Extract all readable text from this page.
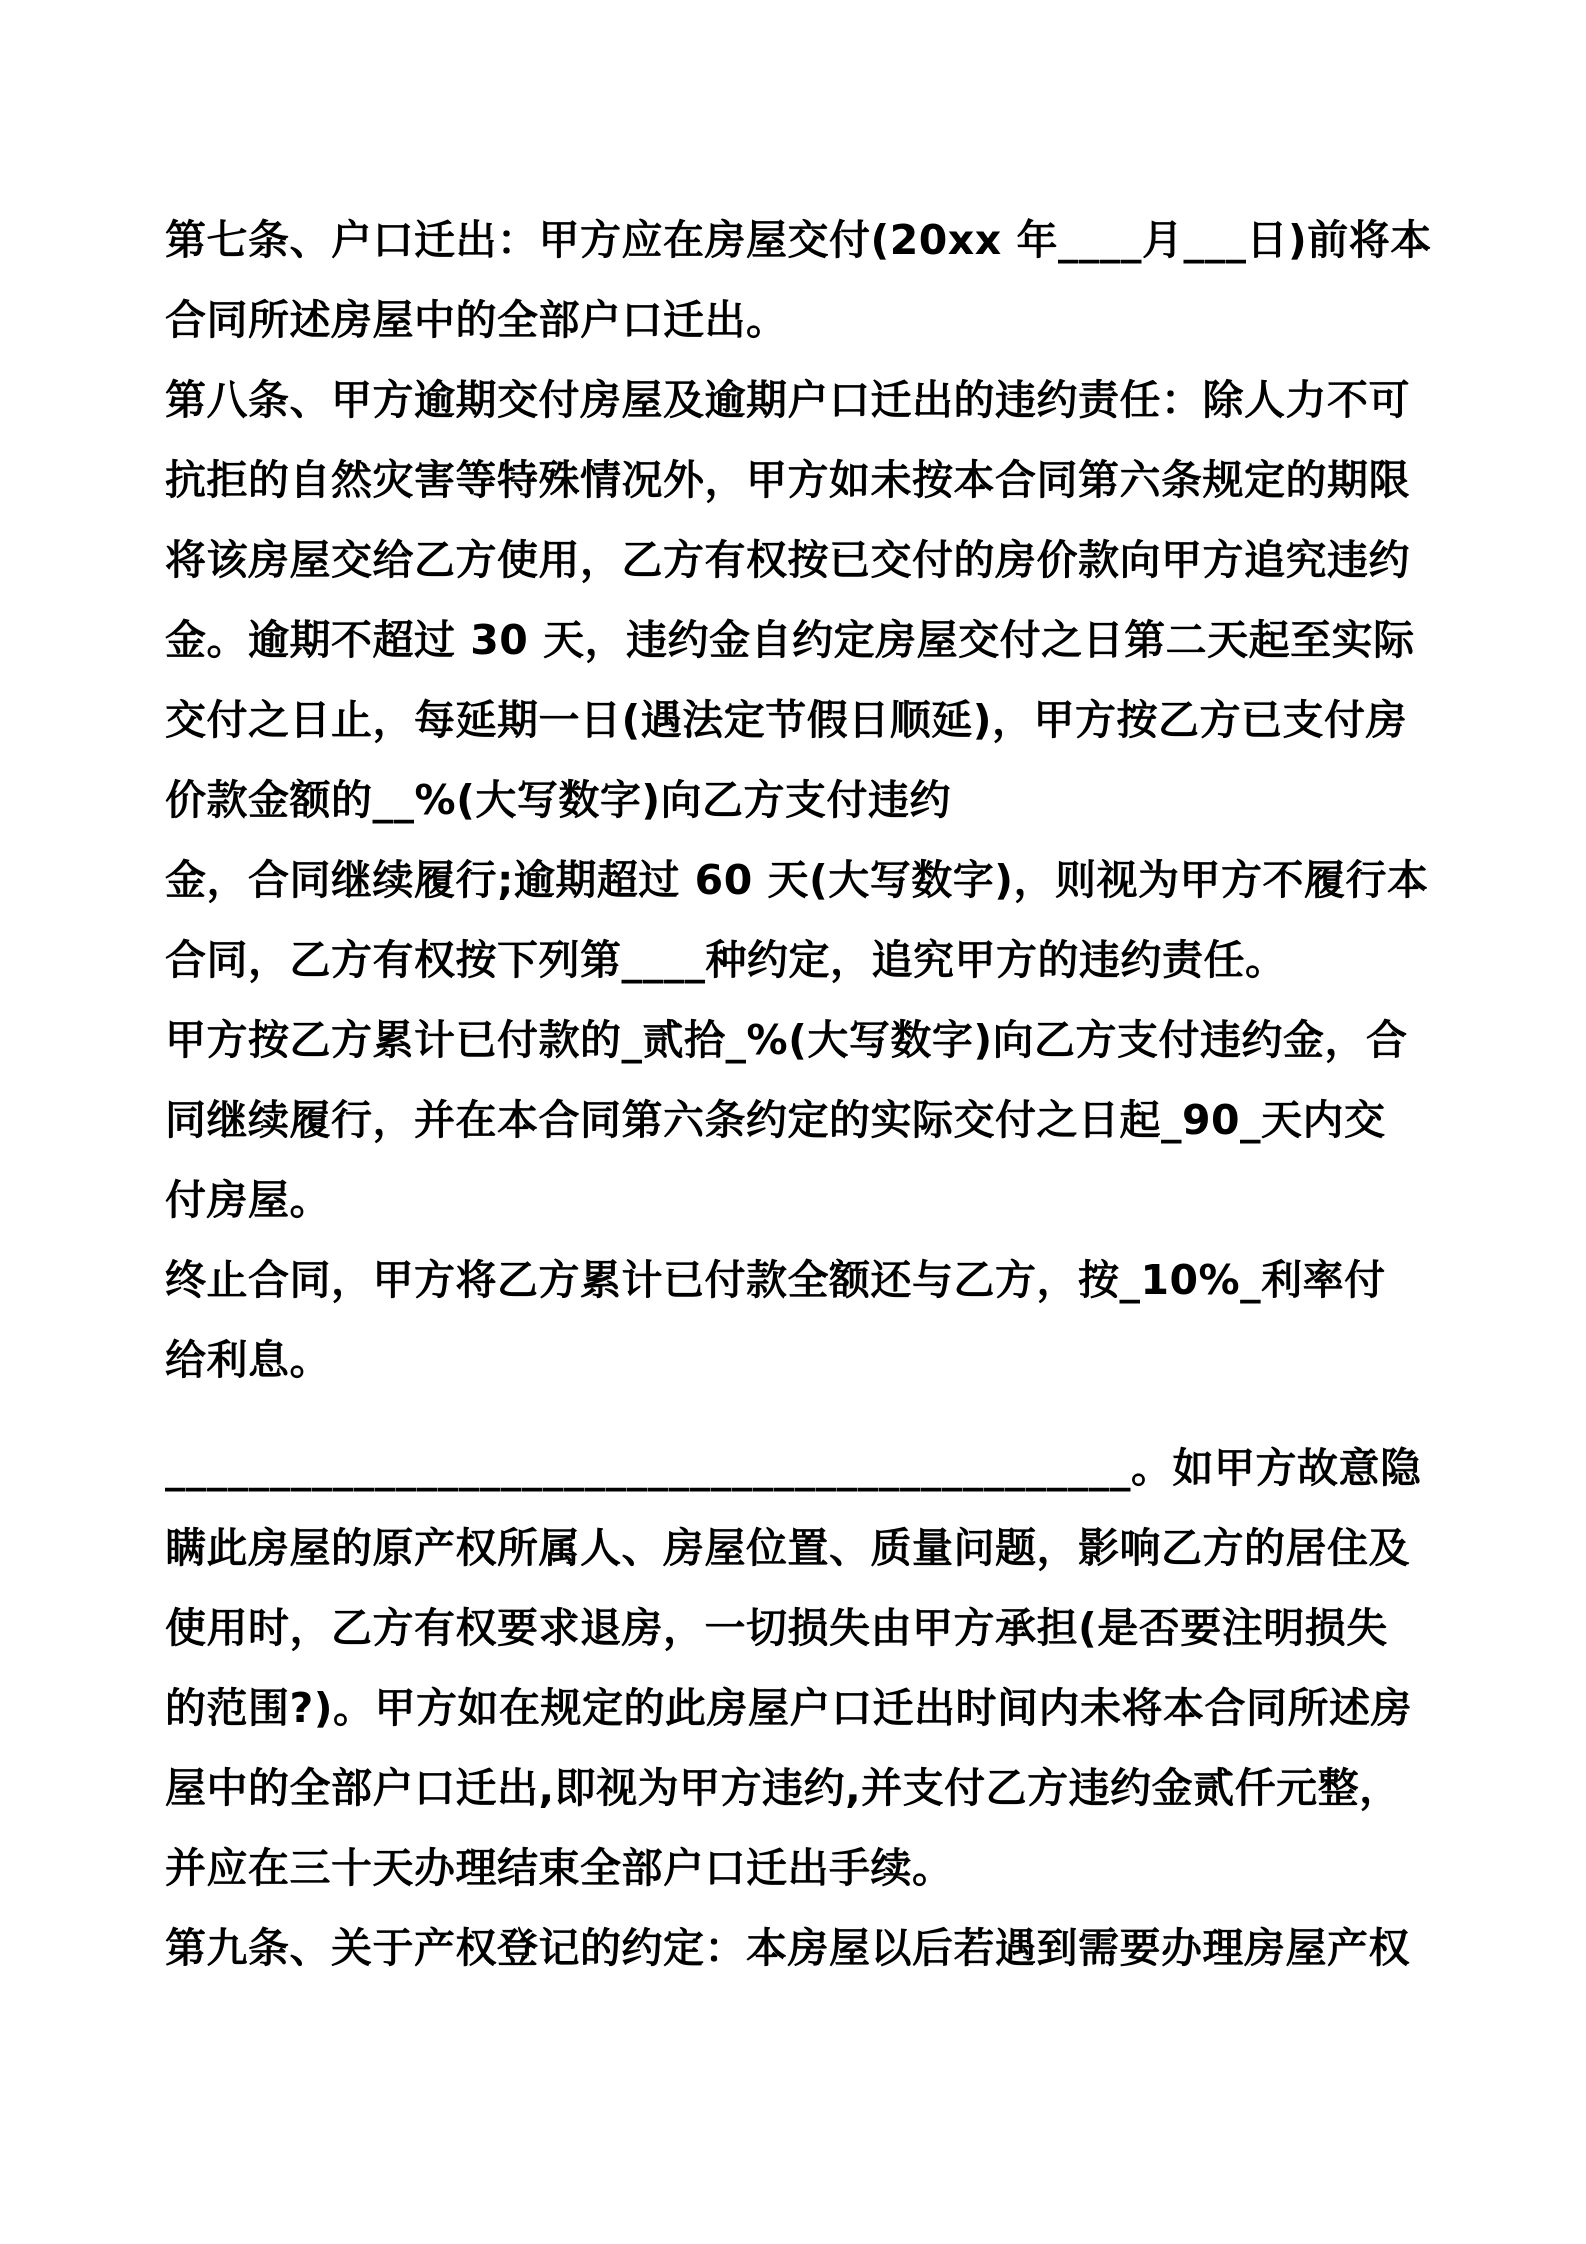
第七条、户口迁出：甲方应在房屋交付(20xx 年____月___日)前将本
合同所述房屋中的全部户口迁出。
第八条、甲方逾期交付房屋及逾期户口迁出的违约责任：除人力不可
抗拒的自然灾害等特殊情况外，甲方如未按本合同第六条规定的期限
将该房屋交给乙方使用，乙方有权按已交付的房价款向甲方追究违约
金。逾期不超过 30 天，违约金自约定房屋交付之日第二天起至实际
交付之日止，每延期一日(遇法定节假日顺延)，甲方按乙方已支付房
价款金额的__%(大写数字)向乙方支付违约
金，合同继续履行;逾期超过 60 天(大写数字)，则视为甲方不履行本
合同，乙方有权按下列第____种约定，追究甲方的违约责任。
甲方按乙方累计已付款的_贰拾_%(大写数字)向乙方支付违约金，合
同继续履行，并在本合同第六条约定的实际交付之日起_90_天内交
付房屋。
终止合同，甲方将乙方累计已付款全额还与乙方，按_10%_利率付
给利息。
______________________________________________。如甲方故意隐
瞒此房屋的原产权所属人、房屋位置、质量问题，影响乙方的居住及
使用时，乙方有权要求退房，一切损失由甲方承担(是否要注明损失
的范围?)。甲方如在规定的此房屋户口迁出时间内未将本合同所述房
屋中的全部户口迁出,即视为甲方违约,并支付乙方违约金贰仟元整，
并应在三十天办理结束全部户口迁出手续。
第九条、关于产权登记的约定：本房屋以后若遇到需要办理房屋产权
